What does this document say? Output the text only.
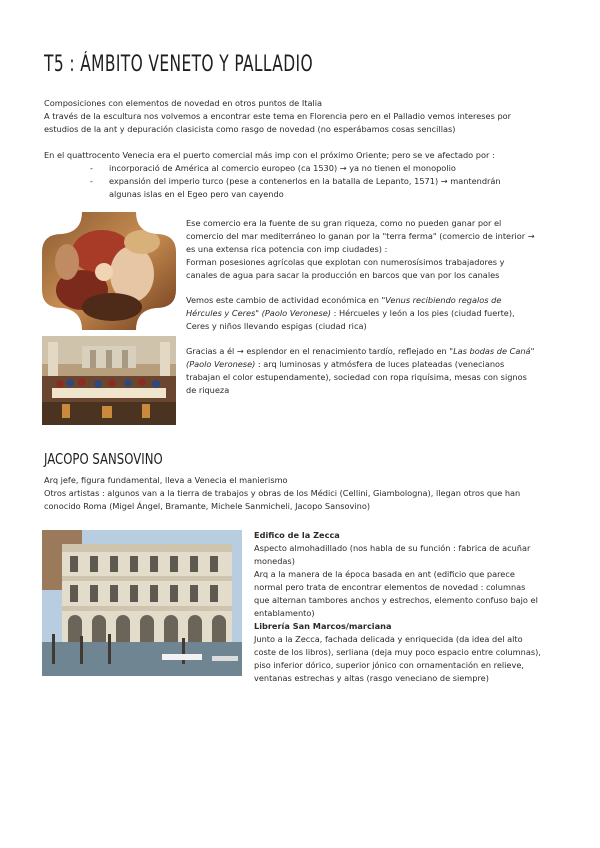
T5 : ÁMBITO VENETO Y PALLADIO
Composiciones con elementos de novedad en otros puntos de Italia
A través de la escultura nos volvemos a encontrar este tema en Florencia pero en el Palladio vemos intereses por
estudios de la ant y depuración clasicista como rasgo de novedad (no esperábamos cosas sencillas)
En el quattrocento Venecia era el puerto comercial más imp con el próximo Oriente; pero se ve afectado por :
- incorporació de América al comercio europeo (ca 1530) → ya no tienen el monopolio
- expansión del imperio turco (pese a contenerlos en la batalla de Lepanto, 1571) → mantendrán
algunas islas en el Egeo pero van cayendo
Ese comercio era la fuente de su gran riqueza, como no pueden ganar por el
comercio del mar mediterráneo lo ganan por la "terra ferma" (comercio de interior →
es una extensa rica potencia con imp ciudades) :
Forman posesiones agrícolas que explotan con numerosísimos trabajadores y
canales de agua para sacar la producción en barcos que van por los canales
Vemos este cambio de actividad económica en "Venus recibiendo regalos de
Hércules y Ceres" (Paolo Veronese) : Hércueles y león a los pies (ciudad fuerte),
Ceres y niños llevando espigas (ciudad rica)
Gracias a él → esplendor en el renacimiento tardío, reflejado en "Las bodas de Caná"
(Paolo Veronese) : arq luminosas y atmósfera de luces plateadas (venecianos
trabajan el color estupendamente), sociedad con ropa riquísima, mesas con signos
de riqueza
JACOPO SANSOVINO
Arq jefe, figura fundamental, lleva a Venecia el manierismo
Otros artistas : algunos van a la tierra de trabajos y obras de los Médici (Cellini, Giambologna), llegan otros que han
conocido Roma (Migel Ángel, Bramante, Michele Sanmicheli, Jacopo Sansovino)
Edifico de la Zecca
Aspecto almohadillado (nos habla de su función : fabrica de acuñar
monedas)
Arq a la manera de la época basada en ant (edificio que parece
normal pero trata de encontrar elementos de novedad : columnas
que alternan tambores anchos y estrechos, elemento confuso bajo el
entablamento)
Librería San Marcos/marciana
Junto a la Zecca, fachada delicada y enriquecida (da idea del alto
coste de los libros), serliana (deja muy poco espacio entre columnas),
piso inferior dórico, superior jónico con ornamentación en relieve,
ventanas estrechas y altas (rasgo veneciano de siempre)
